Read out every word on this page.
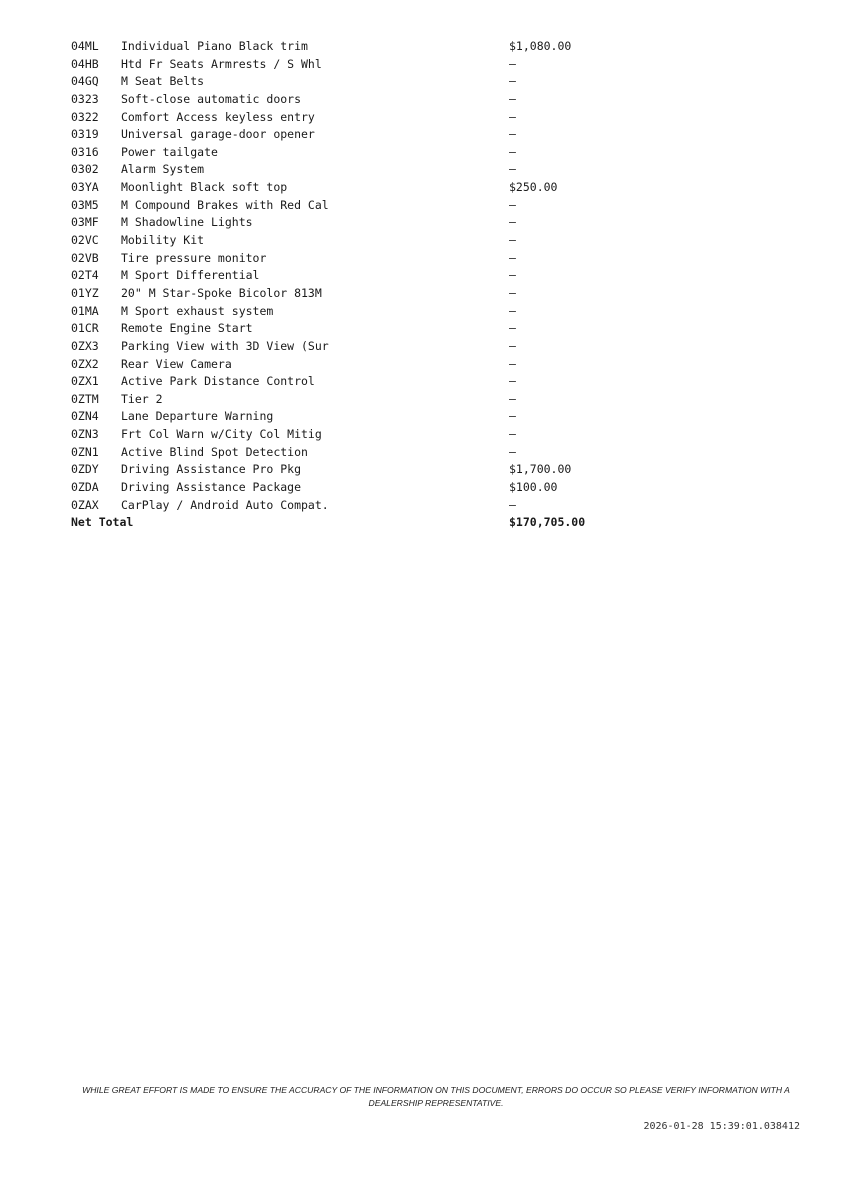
04ML Individual Piano Black trim	$1,080.00
04HB Htd Fr Seats Armrests / S Whl	—
04GQ M Seat Belts	—
0323 Soft-close automatic doors	—
0322 Comfort Access keyless entry	—
0319 Universal garage-door opener	—
0316 Power tailgate	—
0302 Alarm System	—
03YA Moonlight Black soft top	$250.00
03M5 M Compound Brakes with Red Cal	—
03MF M Shadowline Lights	—
02VC Mobility Kit	—
02VB Tire pressure monitor	—
02T4 M Sport Differential	—
01YZ 20" M Star-Spoke Bicolor 813M	—
01MA M Sport exhaust system	—
01CR Remote Engine Start	—
0ZX3 Parking View with 3D View (Sur	—
0ZX2 Rear View Camera	—
0ZX1 Active Park Distance Control	—
0ZTM Tier 2	—
0ZN4 Lane Departure Warning	—
0ZN3 Frt Col Warn w/City Col Mitig	—
0ZN1 Active Blind Spot Detection	—
0ZDY Driving Assistance Pro Pkg	$1,700.00
0ZDA Driving Assistance Package	$100.00
0ZAX CarPlay / Android Auto Compat.	—
Net Total	$170,705.00
WHILE GREAT EFFORT IS MADE TO ENSURE THE ACCURACY OF THE INFORMATION ON THIS DOCUMENT, ERRORS DO OCCUR SO PLEASE VERIFY INFORMATION WITH A DEALERSHIP REPRESENTATIVE.
2026-01-28 15:39:01.038412
